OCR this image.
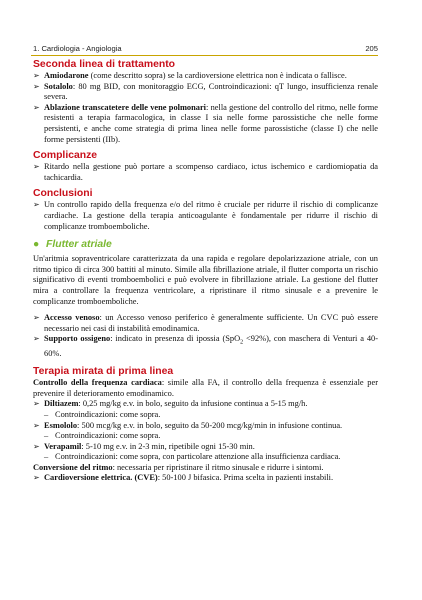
1. Cardiologia - Angiologia	205
Seconda linea di trattamento
➢ Amiodarone (come descritto sopra) se la cardioversione elettrica non è indicata o fallisce.
➢ Sotalolo: 80 mg BID, con monitoraggio ECG, Controindicazioni: qT lungo, insufficienza renale severa.
➢ Ablazione transcatetere delle vene polmonari: nella gestione del controllo del ritmo, nelle forme resistenti a terapia farmacologica, in classe I sia nelle forme parossistiche che nelle forme persistenti, e anche come strategia di prima linea nelle forme parossistiche (classe I) che nelle forme persistenti (IIb).
Complicanze
➢ Ritardo nella gestione può portare a scompenso cardiaco, ictus ischemico e cardiomiopatia da tachicardia.
Conclusioni
➢ Un controllo rapido della frequenza e/o del ritmo è cruciale per ridurre il rischio di complicanze cardiache. La gestione della terapia anticoagulante è fondamentale per ridurre il rischio di complicanze tromboemboliche.
● Flutter atriale

Un'aritmia sopraventricolare caratterizzata da una rapida e regolare depolarizzazione atriale, con un ritmo tipico di circa 300 battiti al minuto. Simile alla fibrillazione atriale, il flutter comporta un rischio significativo di eventi tromboembolici e può evolvere in fibrillazione atriale. La gestione del flutter mira a controllare la frequenza ventricolare, a ripristinare il ritmo sinusale e a prevenire le complicanze tromboemboliche.

➢ Accesso venoso: un Accesso venoso periferico è generalmente sufficiente. Un CVC può essere necessario nei casi di instabilità emodinamica.
➢ Supporto ossigeno: indicato in presenza di ipossia (SpO$_2$ <92%), con maschera di Venturi a 40-60%.
Terapia mirata di prima linea

Controllo della frequenza cardiaca: simile alla FA, il controllo della frequenza è essenziale per prevenire il deterioramento emodinamico.

➢ Diltiazem: 0,25 mg/kg e.v. in bolo, seguito da infusione continua a 5-15 mg/h.
– Controindicazioni: come sopra.
➢ Esmololo: 500 mcg/kg e.v. in bolo, seguito da 50-200 mcg/kg/min in infusione continua.
– Controindicazioni: come sopra.
➢ Verapamil: 5-10 mg e.v. in 2-3 min, ripetibile ogni 15-30 min.
– Controindicazioni: come sopra, con particolare attenzione alla insufficienza cardiaca.

Conversione del ritmo: necessaria per ripristinare il ritmo sinusale e ridurre i sintomi.

➢ Cardioversione elettrica. (CVE): 50-100 J bifasica. Prima scelta in pazienti instabili.
